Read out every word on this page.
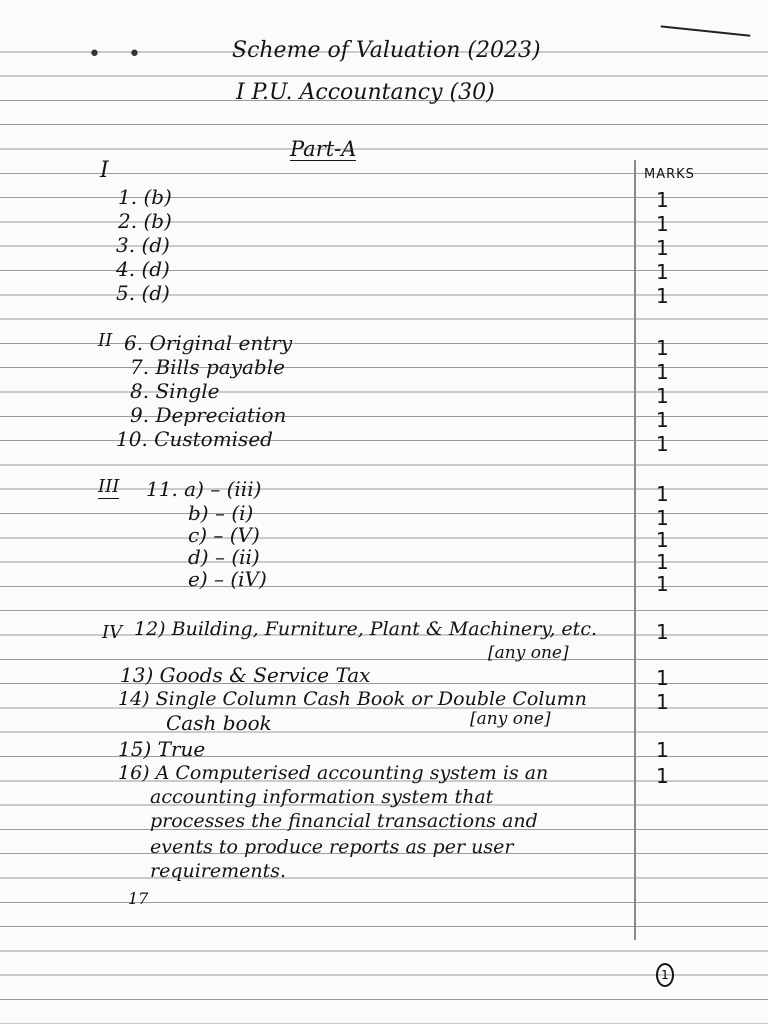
• •	Scheme of Valuation (2023)
I P.U. Accountancy (30)
Part-A
MARKS
I
1. (b)	1
2. (b)	1
3. (d)	1
4. (d)	1
5. (d)	1
II 6. Original entry	1
7. Bills payable	1
8. Single	1
9. Depreciation	1
10. Customised	1
III 11. a) – (iii)	1
b) – (i)	1
c) – (V)	1
d) – (ii)	1
e) – (iV)	1
IV 12) Building, Furniture, Plant & Machinery, etc.	1
[any one]
13) Goods & Service Tax	1
14) Single Column Cash Book or Double Column	1
Cash book	[any one]
15) True	1
16) A Computerised accounting system is an	1
accounting information system that
processes the financial transactions and
events to produce reports as per user
requirements.
17
1
